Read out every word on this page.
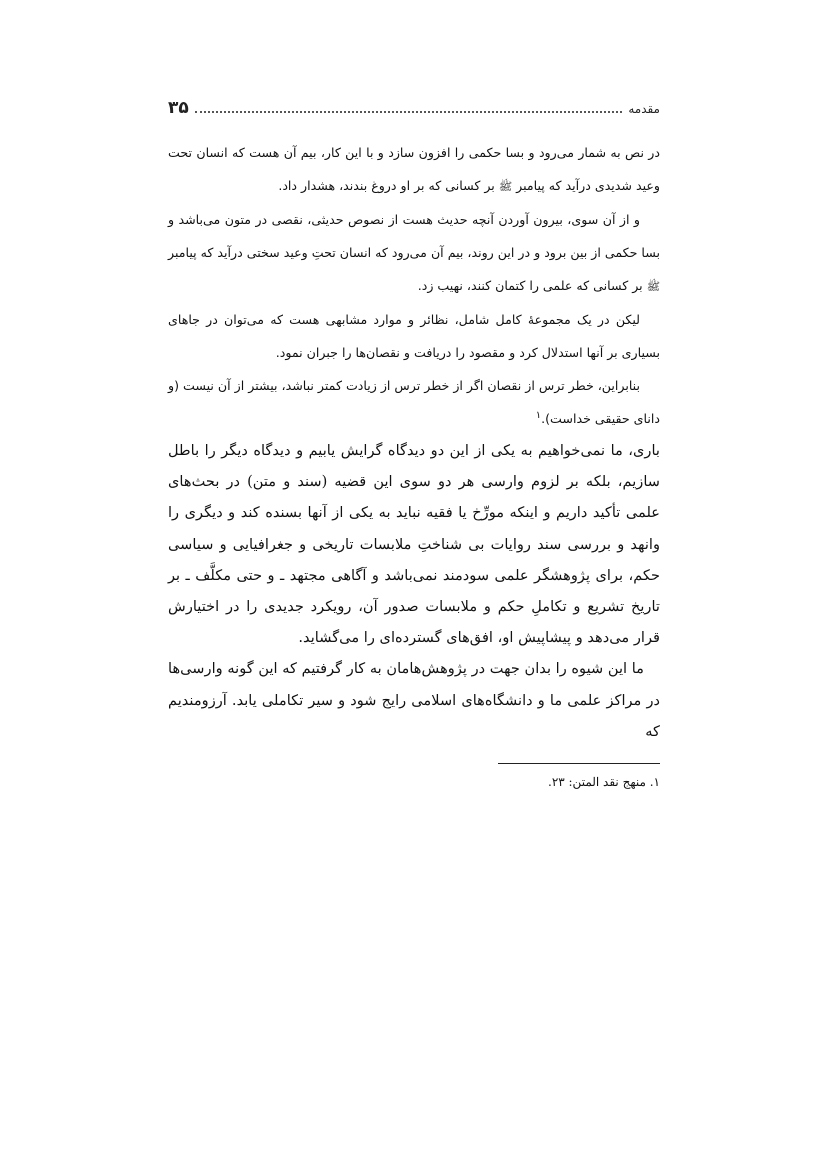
مقدمه
۳۵

در نص به شمار می‌رود و بسا حکمی را افزون سازد و با این کار، بیم آن هست که انسان تحت وعید شدیدی درآید که پیامبر ﷺ بر کسانی که بر او دروغ بندند، هشدار داد.

و از آن سوی، بیرون آوردن آنچه حدیث هست از نصوص حدیثی، نقصی در متون می‌باشد و بسا حکمی از بین برود و در این روند، بیم آن می‌رود که انسان تحتِ وعید سختی درآید که پیامبر ﷺ بر کسانی که علمی را کتمان کنند، نهیب زد.

لیکن در یک مجموعهٔ کامل شامل، نظائر و موارد مشابهی هست که می‌توان در جاهای بسیاری بر آنها استدلال کرد و مقصود را دریافت و نقصان‌ها را جبران نمود.

بنابراین، خطر ترس از نقصان اگر از خطر ترس از زیادت کمتر نباشد، بیشتر از آن نیست (و دانای حقیقی خداست).$^۱$

باری، ما نمی‌خواهیم به یکی از این دو دیدگاه گرایش یابیم و دیدگاه دیگر را باطل سازیم، بلکه بر لزوم وارسی هر دو سوی این قضیه (سند و متن) در بحث‌های علمی تأکید داریم و اینکه مورِّخ یا فقیه نباید به یکی از آنها بسنده کند و دیگری را وانهد و بررسی سند روایات بی شناختِ ملابسات تاریخی و جغرافیایی و سیاسی حکم، برای پژوهشگر علمی سودمند نمی‌باشد و آگاهی مجتهد ـ و حتی مکلَّف ـ بر تاریخ تشریع و تکاملِ حکم و ملابسات صدور آن، رویکرد جدیدی را در اختیارش قرار می‌دهد و پیشاپیش او، افق‌های گسترده‌ای را می‌گشاید.

ما این شیوه را بدان جهت در پژوهش‌هامان به کار گرفتیم که این گونه وارسی‌ها در مراکز علمی ما و دانشگاه‌های اسلامی رایج شود و سیر تکاملی یابد. آرزومندیم که

۱. منهج نقد المتن: ۲۳.
